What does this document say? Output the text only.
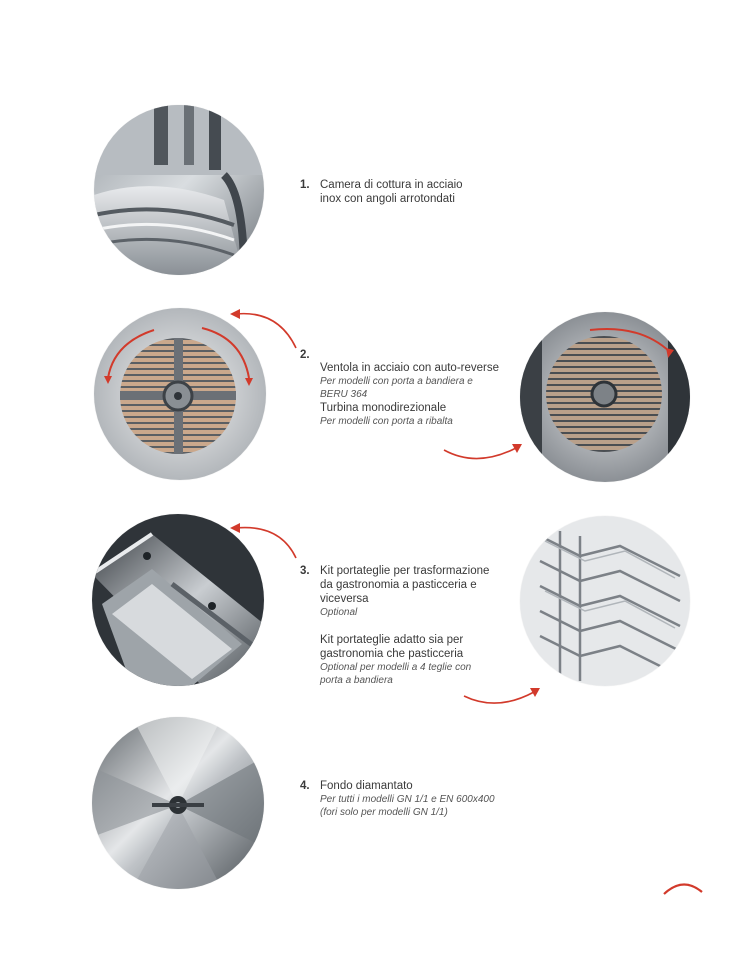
1. Camera di cottura in acciaio
inox con angoli arrotondati
2.
Ventola in acciaio con auto-reverse
Per modelli con porta a bandiera e
BERU 364
Turbina monodirezionale
Per modelli con porta a ribalta
3. Kit portateglie per trasformazione
da gastronomia a pasticceria e
viceversa
Optional
Kit portateglie adatto sia per
gastronomia che pasticceria
Optional per modelli a 4 teglie con
porta a bandiera
4. Fondo diamantato
Per tutti i modelli GN 1/1 e EN 600x400
(fori solo per modelli GN 1/1)
